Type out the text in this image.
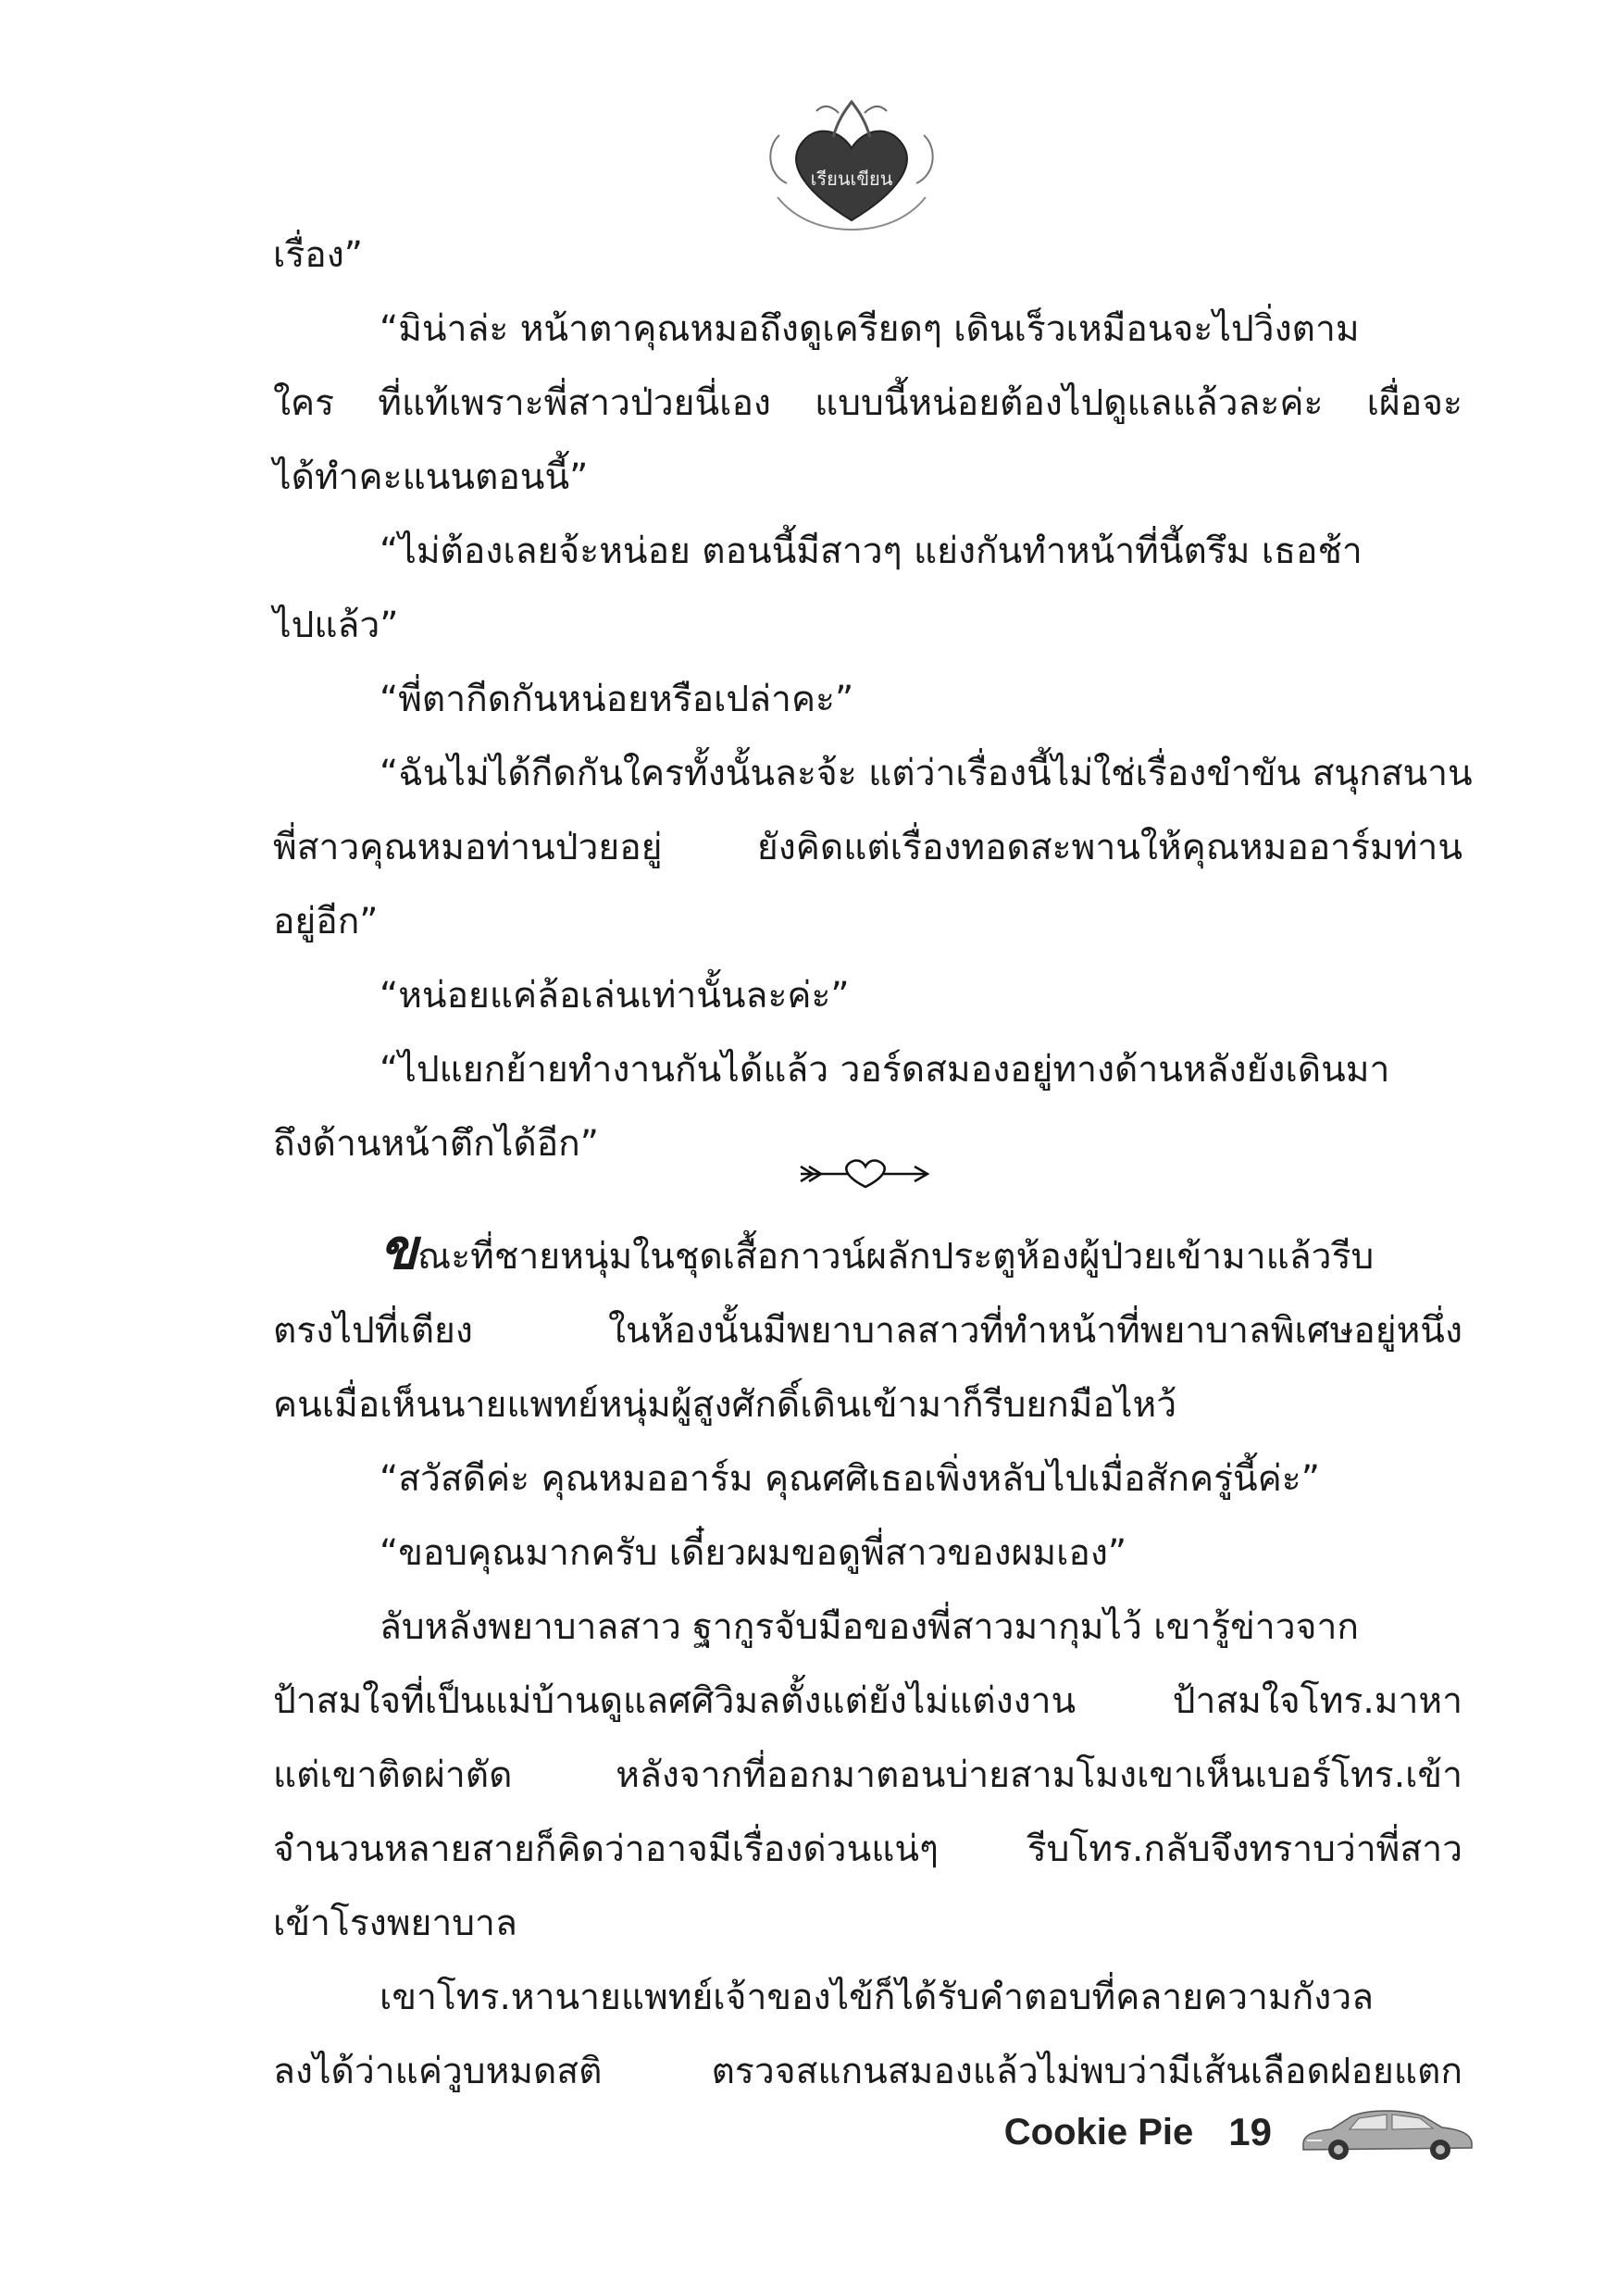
เรียนเขียน
เรื่อง”
“มิน่าล่ะ หน้าตาคุณหมอถึงดูเครียดๆ เดินเร็วเหมือนจะไปวิ่งตาม
ใคร ที่แท้เพราะพี่สาวป่วยนี่เอง แบบนี้หน่อยต้องไปดูแลแล้วละค่ะ เผื่อจะ
ได้ทำคะแนนตอนนี้”
“ไม่ต้องเลยจ้ะหน่อย ตอนนี้มีสาวๆ แย่งกันทำหน้าที่นี้ตรึม เธอช้า
ไปแล้ว”
“พี่ตากีดกันหน่อยหรือเปล่าคะ”
“ฉันไม่ได้กีดกันใครทั้งนั้นละจ้ะ แต่ว่าเรื่องนี้ไม่ใช่เรื่องขำขัน สนุกสนาน
พี่สาวคุณหมอท่านป่วยอยู่ ยังคิดแต่เรื่องทอดสะพานให้คุณหมออาร์มท่าน
อยู่อีก”
“หน่อยแค่ล้อเล่นเท่านั้นละค่ะ”
“ไปแยกย้ายทำงานกันได้แล้ว วอร์ดสมองอยู่ทางด้านหลังยังเดินมา
ถึงด้านหน้าตึกได้อีก”
ขณะที่ชายหนุ่มในชุดเสื้อกาวน์ผลักประตูห้องผู้ป่วยเข้ามาแล้วรีบ
ตรงไปที่เตียง ในห้องนั้นมีพยาบาลสาวที่ทำหน้าที่พยาบาลพิเศษอยู่หนึ่ง
คนเมื่อเห็นนายแพทย์หนุ่มผู้สูงศักดิ์เดินเข้ามาก็รีบยกมือไหว้
“สวัสดีค่ะ คุณหมออาร์ม คุณศศิเธอเพิ่งหลับไปเมื่อสักครู่นี้ค่ะ”
“ขอบคุณมากครับ เดี๋ยวผมขอดูพี่สาวของผมเอง”
ลับหลังพยาบาลสาว ฐากูรจับมือของพี่สาวมากุมไว้ เขารู้ข่าวจาก
ป้าสมใจที่เป็นแม่บ้านดูแลศศิวิมลตั้งแต่ยังไม่แต่งงาน ป้าสมใจโทร.มาหา
แต่เขาติดผ่าตัด หลังจากที่ออกมาตอนบ่ายสามโมงเขาเห็นเบอร์โทร.เข้า
จำนวนหลายสายก็คิดว่าอาจมีเรื่องด่วนแน่ๆ รีบโทร.กลับจึงทราบว่าพี่สาว
เข้าโรงพยาบาล
เขาโทร.หานายแพทย์เจ้าของไข้ก็ได้รับคำตอบที่คลายความกังวล
ลงได้ว่าแค่วูบหมดสติ ตรวจสแกนสมองแล้วไม่พบว่ามีเส้นเลือดฝอยแตก
Cookie Pie 19
